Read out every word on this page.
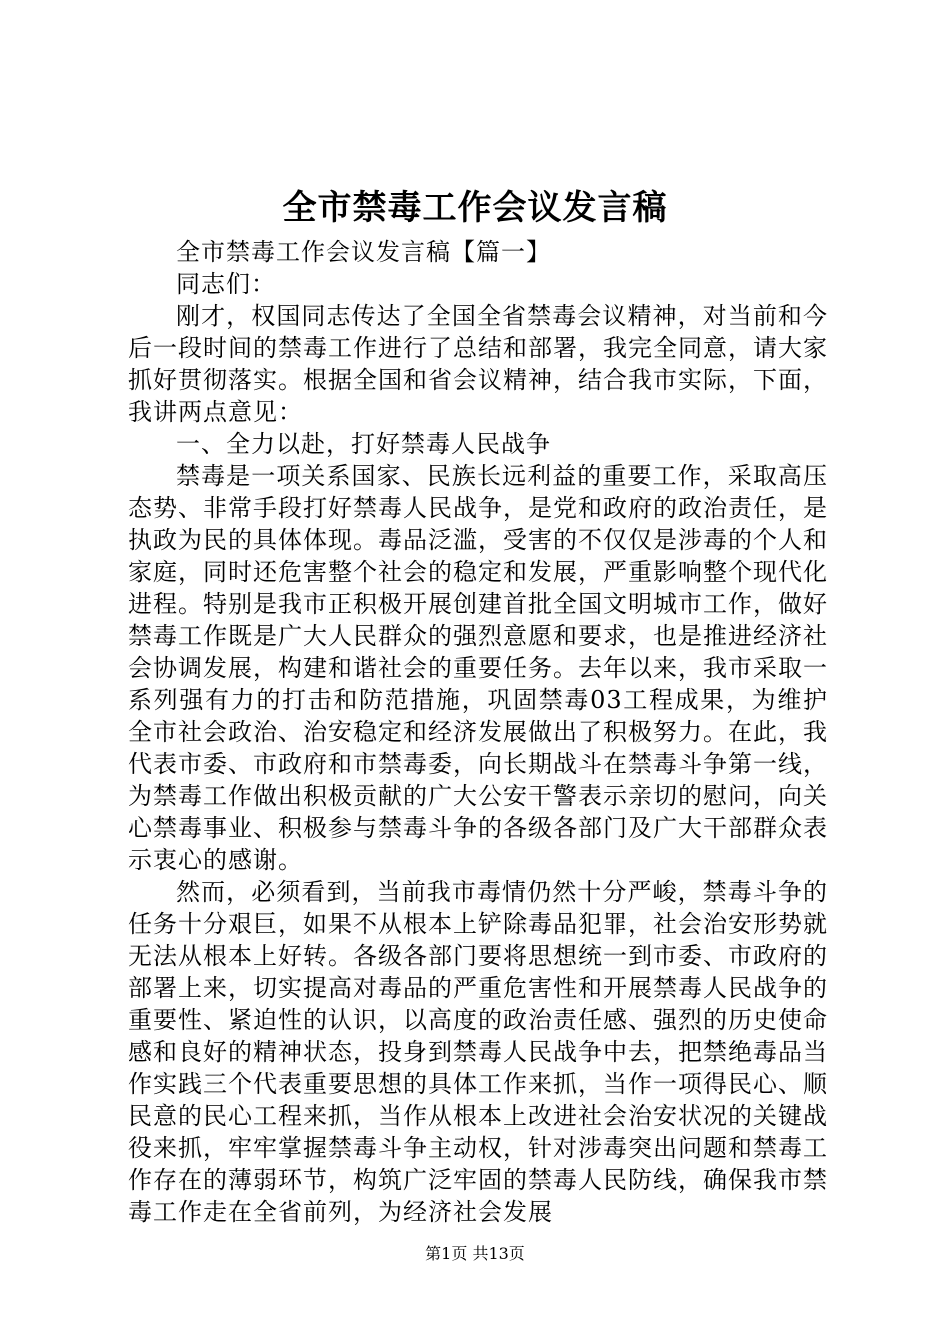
全市禁毒工作会议发言稿

全市禁毒工作会议发言稿【篇一】

同志们：

刚才，权国同志传达了全国全省禁毒会议精神，对当前和今后一段时间的禁毒工作进行了总结和部署，我完全同意，请大家抓好贯彻落实。根据全国和省会议精神，结合我市实际，下面，我讲两点意见：

一、全力以赴，打好禁毒人民战争

禁毒是一项关系国家、民族长远利益的重要工作，采取高压态势、非常手段打好禁毒人民战争，是党和政府的政治责任，是执政为民的具体体现。毒品泛滥，受害的不仅仅是涉毒的个人和家庭，同时还危害整个社会的稳定和发展，严重影响整个现代化进程。特别是我市正积极开展创建首批全国文明城市工作，做好禁毒工作既是广大人民群众的强烈意愿和要求，也是推进经济社会协调发展，构建和谐社会的重要任务。去年以来，我市采取一系列强有力的打击和防范措施，巩固禁毒03工程成果，为维护全市社会政治、治安稳定和经济发展做出了积极努力。在此，我代表市委、市政府和市禁毒委，向长期战斗在禁毒斗争第一线，为禁毒工作做出积极贡献的广大公安干警表示亲切的慰问，向关心禁毒事业、积极参与禁毒斗争的各级各部门及广大干部群众表示衷心的感谢。

然而，必须看到，当前我市毒情仍然十分严峻，禁毒斗争的任务十分艰巨，如果不从根本上铲除毒品犯罪，社会治安形势就无法从根本上好转。各级各部门要将思想统一到市委、市政府的部署上来，切实提高对毒品的严重危害性和开展禁毒人民战争的重要性、紧迫性的认识，以高度的政治责任感、强烈的历史使命感和良好的精神状态，投身到禁毒人民战争中去，把禁绝毒品当作实践三个代表重要思想的具体工作来抓，当作一项得民心、顺民意的民心工程来抓，当作从根本上改进社会治安状况的关键战役来抓，牢牢掌握禁毒斗争主动权，针对涉毒突出问题和禁毒工作存在的薄弱环节，构筑广泛牢固的禁毒人民防线，确保我市禁毒工作走在全省前列，为经济社会发展

第1页 共13页
